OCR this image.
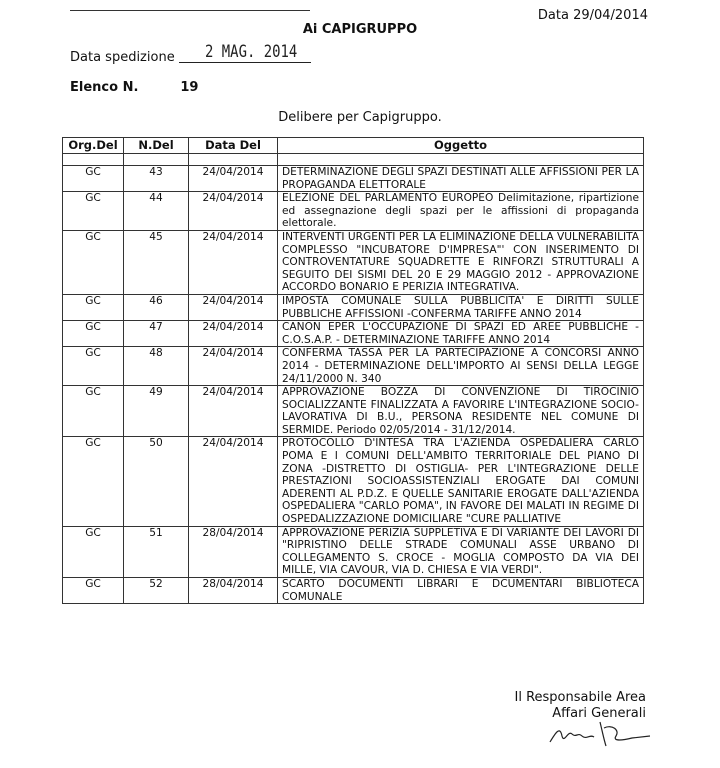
Data 29/04/2014
Ai CAPIGRUPPO
Data spedizione	2 MAG. 2014
Elenco N.	19
Delibere per Capigruppo.
Org.Del	N.Del	Data Del	Oggetto

GC	43	24/04/2014	DETERMINAZIONE DEGLI SPAZI DESTINATI ALLE AFFISSIONI PER LA PROPAGANDA ELETTORALE
GC	44	24/04/2014	ELEZIONE DEL PARLAMENTO EUROPEO Delimitazione, ripartizione ed assegnazione degli spazi per le affissioni di propaganda elettorale.
GC	45	24/04/2014	INTERVENTI URGENTI PER LA ELIMINAZIONE DELLA VULNERABILITA COMPLESSO "INCUBATORE D'IMPRESA"' CON INSERIMENTO DI CONTROVENTATURE SQUADRETTE E RINFORZI STRUTTURALI A SEGUITO DEI SISMI DEL 20 E 29 MAGGIO 2012 - APPROVAZIONE ACCORDO BONARIO E PERIZIA INTEGRATIVA.
GC	46	24/04/2014	IMPOSTA COMUNALE SULLA PUBBLICITA' E DIRITTI SULLE PUBBLICHE AFFISSIONI -CONFERMA TARIFFE ANNO 2014
GC	47	24/04/2014	CANON EPER L'OCCUPAZIONE DI SPAZI ED AREE PUBBLICHE - C.O.S.A.P. - DETERMINAZIONE TARIFFE ANNO 2014
GC	48	24/04/2014	CONFERMA TASSA PER LA PARTECIPAZIONE A CONCORSI ANNO 2014 - DETERMINAZIONE DELL'IMPORTO AI SENSI DELLA LEGGE 24/11/2000 N. 340
GC	49	24/04/2014	APPROVAZIONE BOZZA DI CONVENZIONE DI TIROCINIO SOCIALIZZANTE FINALIZZATA A FAVORIRE L'INTEGRAZIONE SOCIO-LAVORATIVA DI B.U., PERSONA RESIDENTE NEL COMUNE DI SERMIDE. Periodo 02/05/2014 - 31/12/2014.
GC	50	24/04/2014	PROTOCOLLO D'INTESA TRA L'AZIENDA OSPEDALIERA CARLO POMA E I COMUNI DELL'AMBITO TERRITORIALE DEL PIANO DI ZONA -DISTRETTO DI OSTIGLIA- PER L'INTEGRAZIONE DELLE PRESTAZIONI SOCIOASSISTENZIALI EROGATE DAI COMUNI ADERENTI AL P.D.Z. E QUELLE SANITARIE EROGATE DALL'AZIENDA OSPEDALIERA "CARLO POMA", IN FAVORE DEI MALATI IN REGIME DI OSPEDALIZZAZIONE DOMICILIARE "CURE PALLIATIVE
GC	51	28/04/2014	APPROVAZIONE PERIZIA SUPPLETIVA E DI VARIANTE DEI LAVORI DI "RIPRISTINO DELLE STRADE COMUNALI ASSE URBANO DI COLLEGAMENTO S. CROCE - MOGLIA COMPOSTO DA VIA DEI MILLE, VIA CAVOUR, VIA D. CHIESA E VIA VERDI".
GC	52	28/04/2014	SCARTO DOCUMENTI LIBRARI E DCUMENTARI BIBLIOTECA COMUNALE
Il Responsabile Area
Affari Generali
